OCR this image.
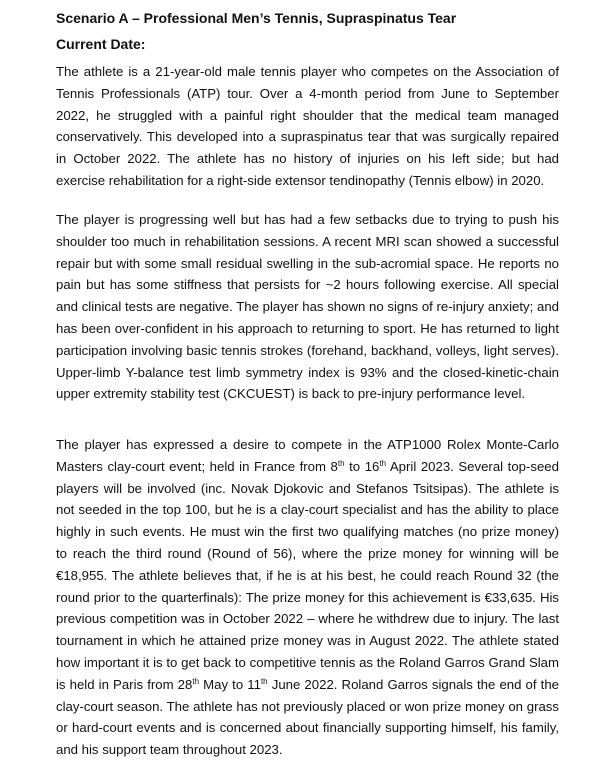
Scenario A – Professional Men’s Tennis, Supraspinatus Tear
Current Date:

The athlete is a 21-year-old male tennis player who competes on the Association of Tennis Professionals (ATP) tour. Over a 4-month period from June to September 2022, he struggled with a painful right shoulder that the medical team managed conservatively. This developed into a supraspinatus tear that was surgically repaired in October 2022. The athlete has no history of injuries on his left side; but had exercise rehabilitation for a right-side extensor tendinopathy (Tennis elbow) in 2020.

The player is progressing well but has had a few setbacks due to trying to push his shoulder too much in rehabilitation sessions. A recent MRI scan showed a successful repair but with some small residual swelling in the sub-acromial space. He reports no pain but has some stiffness that persists for ~2 hours following exercise. All special and clinical tests are negative. The player has shown no signs of re-injury anxiety; and has been over-confident in his approach to returning to sport. He has returned to light participation involving basic tennis strokes (forehand, backhand, volleys, light serves). Upper-limb Y-balance test limb symmetry index is 93% and the closed-kinetic-chain upper extremity stability test (CKCUEST) is back to pre-injury performance level.

The player has expressed a desire to compete in the ATP1000 Rolex Monte-Carlo Masters clay-court event; held in France from 8th to 16th April 2023. Several top-seed players will be involved (inc. Novak Djokovic and Stefanos Tsitsipas). The athlete is not seeded in the top 100, but he is a clay-court specialist and has the ability to place highly in such events. He must win the first two qualifying matches (no prize money) to reach the third round (Round of 56), where the prize money for winning will be €18,955. The athlete believes that, if he is at his best, he could reach Round 32 (the round prior to the quarterfinals): The prize money for this achievement is €33,635. His previous competition was in October 2022 – where he withdrew due to injury. The last tournament in which he attained prize money was in August 2022. The athlete stated how important it is to get back to competitive tennis as the Roland Garros Grand Slam is held in Paris from 28th May to 11th June 2022. Roland Garros signals the end of the clay-court season. The athlete has not previously placed or won prize money on grass or hard-court events and is concerned about financially supporting himself, his family, and his support team throughout 2023.
